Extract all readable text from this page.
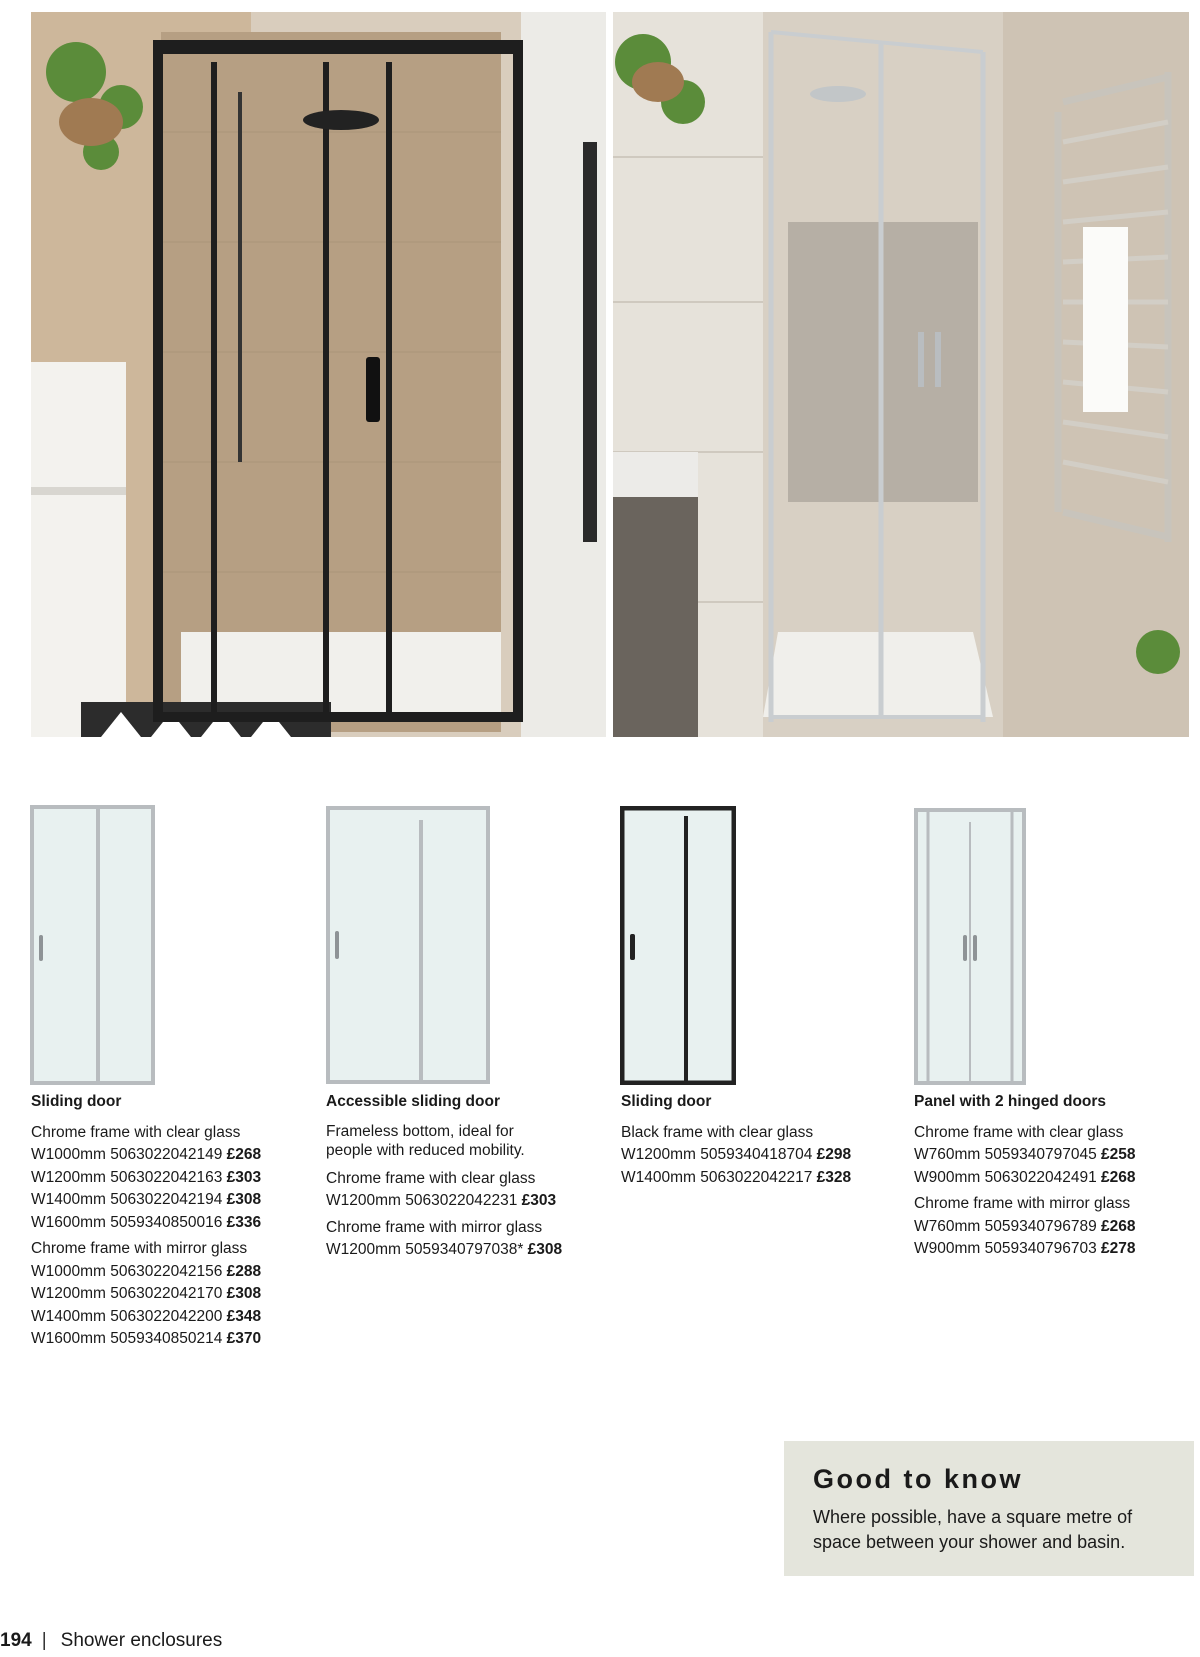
Sliding door
Chrome frame with clear glass
W1000mm 5063022042149 £268
W1200mm 5063022042163 £303
W1400mm 5063022042194 £308
W1600mm 5059340850016 £336
Chrome frame with mirror glass
W1000mm 5063022042156 £288
W1200mm 5063022042170 £308
W1400mm 5063022042200 £348
W1600mm 5059340850214 £370
Accessible sliding door
Frameless bottom, ideal for people with reduced mobility.
Chrome frame with clear glass
W1200mm 5063022042231 £303
Chrome frame with mirror glass
W1200mm 5059340797038* £308
Sliding door
Black frame with clear glass
W1200mm 5059340418704 £298
W1400mm 5063022042217 £328
Panel with 2 hinged doors
Chrome frame with clear glass
W760mm 5059340797045 £258
W900mm 5063022042491 £268
Chrome frame with mirror glass
W760mm 5059340796789 £268
W900mm 5059340796703 £278
Good to know
Where possible, have a square metre of space between your shower and basin.
194 | Shower enclosures
